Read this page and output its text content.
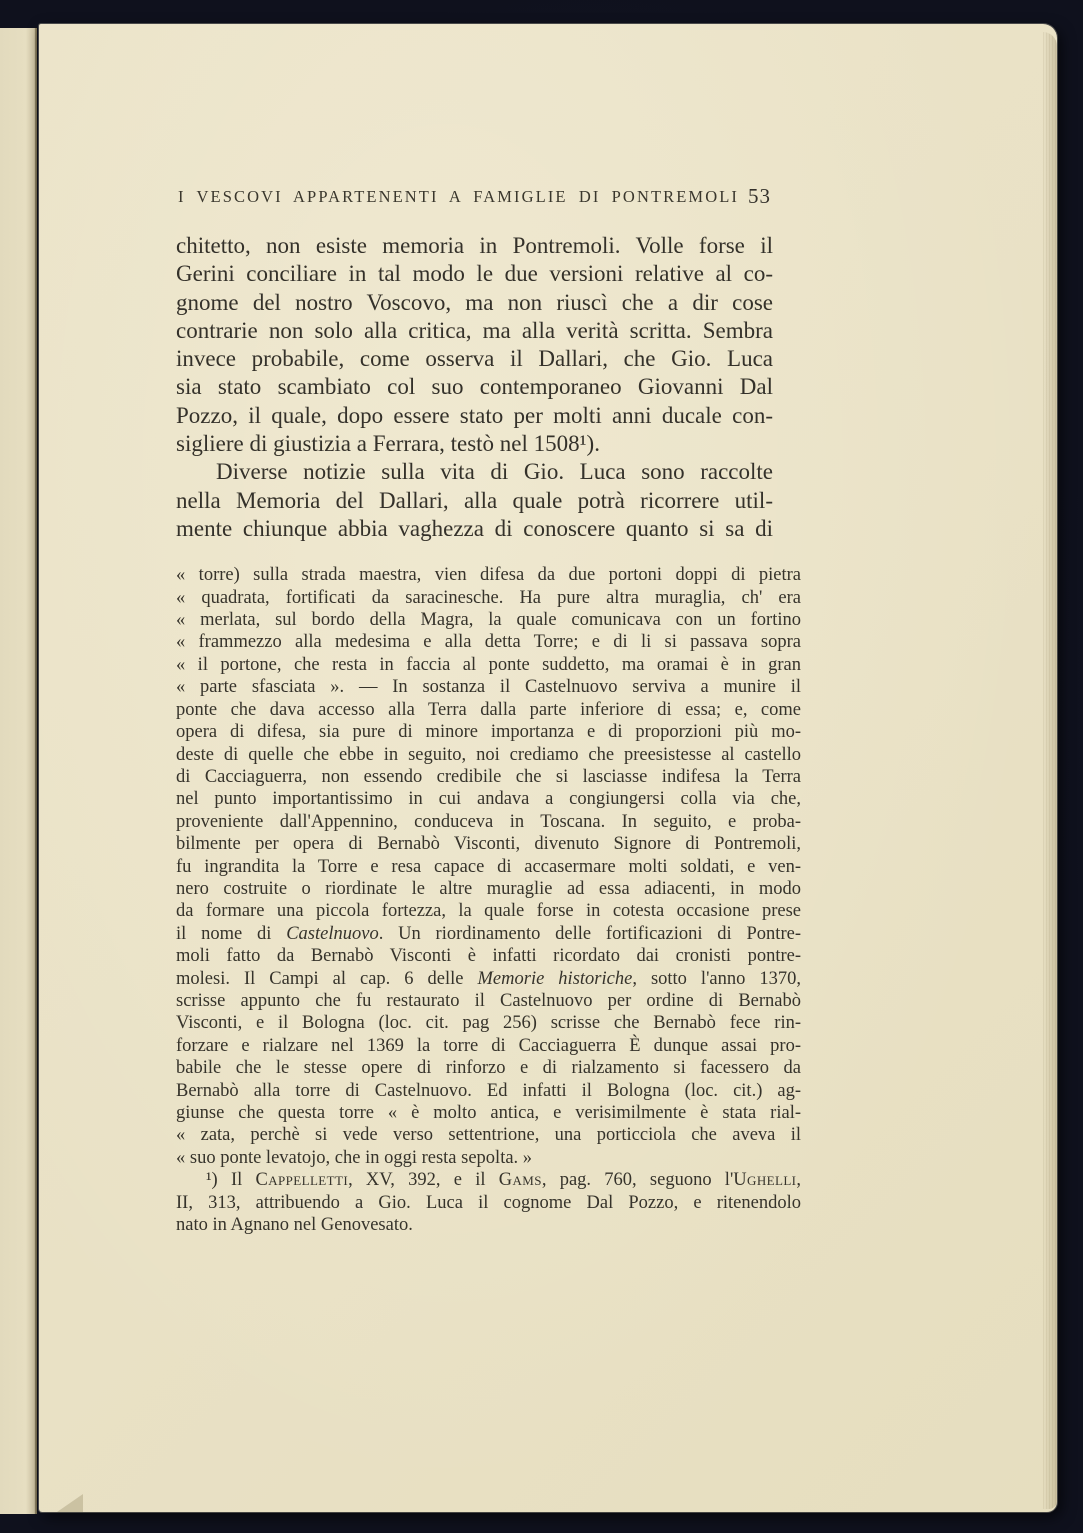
I VESCOVI APPARTENENTI A FAMIGLIE DI PONTREMOLI 53
chitetto, non esiste memoria in Pontremoli. Volle forse il
Gerini conciliare in tal modo le due versioni relative al co-
gnome del nostro Voscovo, ma non riuscì che a dir cose
contrarie non solo alla critica, ma alla verità scritta. Sembra
invece probabile, come osserva il Dallari, che Gio. Luca
sia stato scambiato col suo contemporaneo Giovanni Dal
Pozzo, il quale, dopo essere stato per molti anni ducale con-
sigliere di giustizia a Ferrara, testò nel 1508¹).
Diverse notizie sulla vita di Gio. Luca sono raccolte
nella Memoria del Dallari, alla quale potrà ricorrere util-
mente chiunque abbia vaghezza di conoscere quanto si sa di
« torre) sulla strada maestra, vien difesa da due portoni doppi di pietra
« quadrata, fortificati da saracinesche. Ha pure altra muraglia, ch' era
« merlata, sul bordo della Magra, la quale comunicava con un fortino
« frammezzo alla medesima e alla detta Torre; e di li si passava sopra
« il portone, che resta in faccia al ponte suddetto, ma oramai è in gran
« parte sfasciata ». — In sostanza il Castelnuovo serviva a munire il
ponte che dava accesso alla Terra dalla parte inferiore di essa; e, come
opera di difesa, sia pure di minore importanza e di proporzioni più mo-
deste di quelle che ebbe in seguito, noi crediamo che preesistesse al castello
di Cacciaguerra, non essendo credibile che si lasciasse indifesa la Terra
nel punto importantissimo in cui andava a congiungersi colla via che,
proveniente dall'Appennino, conduceva in Toscana. In seguito, e proba-
bilmente per opera di Bernabò Visconti, divenuto Signore di Pontremoli,
fu ingrandita la Torre e resa capace di accasermare molti soldati, e ven-
nero costruite o riordinate le altre muraglie ad essa adiacenti, in modo
da formare una piccola fortezza, la quale forse in cotesta occasione prese
il nome di Castelnuovo. Un riordinamento delle fortificazioni di Pontre-
moli fatto da Bernabò Visconti è infatti ricordato dai cronisti pontre-
molesi. Il Campi al cap. 6 delle Memorie historiche, sotto l'anno 1370,
scrisse appunto che fu restaurato il Castelnuovo per ordine di Bernabò
Visconti, e il Bologna (loc. cit. pag 256) scrisse che Bernabò fece rin-
forzare e rialzare nel 1369 la torre di Cacciaguerra È dunque assai pro-
babile che le stesse opere di rinforzo e di rialzamento si facessero da
Bernabò alla torre di Castelnuovo. Ed infatti il Bologna (loc. cit.) ag-
giunse che questa torre « è molto antica, e verisimilmente è stata rial-
« zata, perchè si vede verso settentrione, una porticciola che aveva il
« suo ponte levatojo, che in oggi resta sepolta. »
¹) Il Cappelletti, XV, 392, e il Gams, pag. 760, seguono l'Ughelli,
II, 313, attribuendo a Gio. Luca il cognome Dal Pozzo, e ritenendolo
nato in Agnano nel Genovesato.
